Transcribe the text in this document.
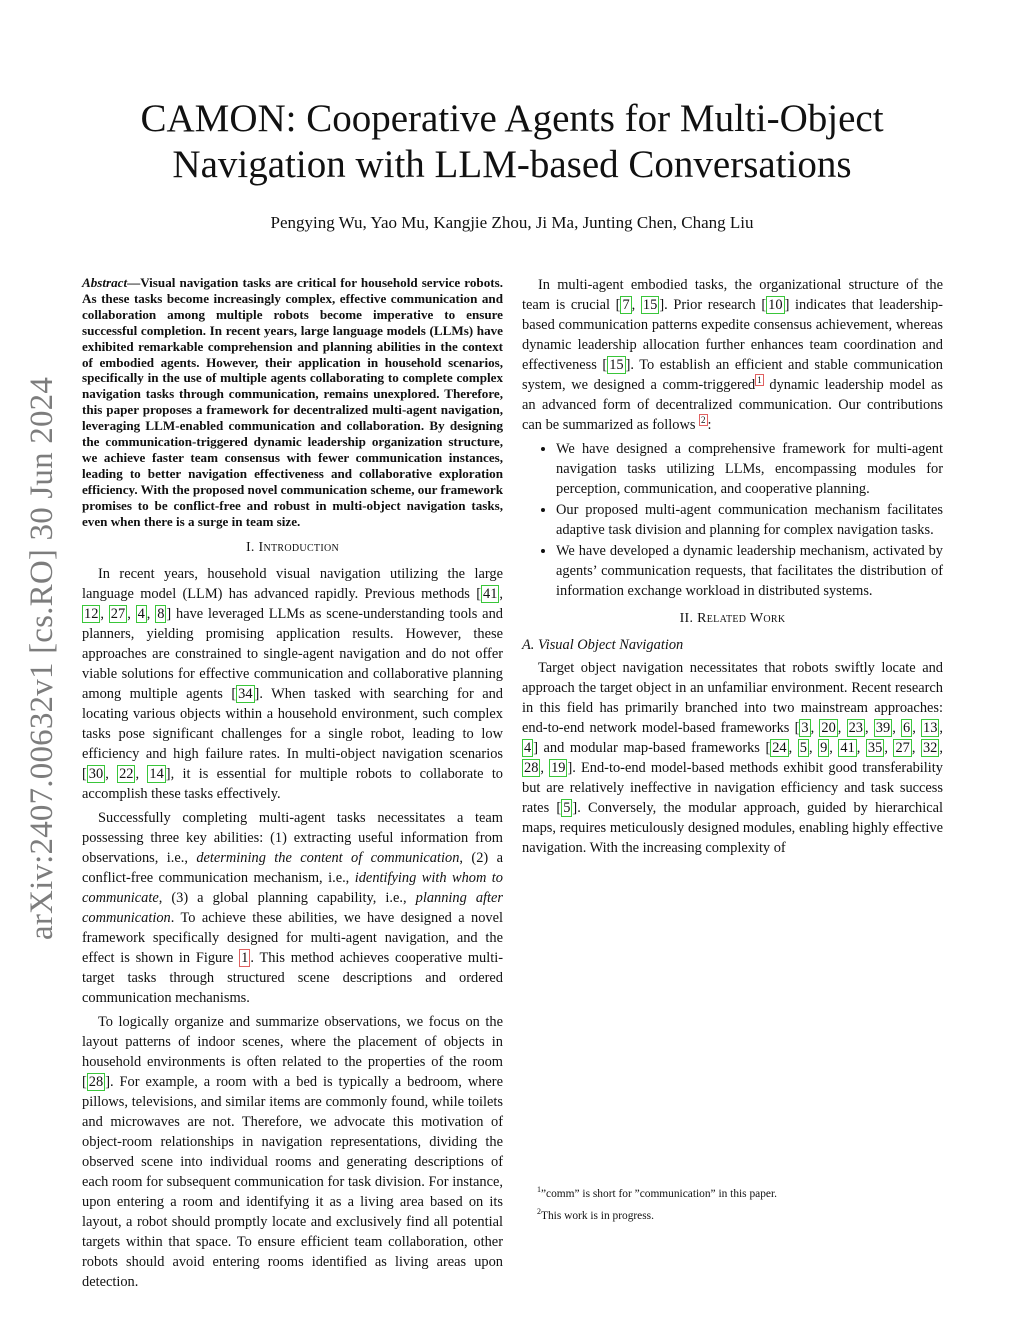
arXiv:2407.00632v1 [cs.RO] 30 Jun 2024
CAMON: Cooperative Agents for Multi-Object Navigation with LLM-based Conversations
Pengying Wu, Yao Mu, Kangjie Zhou, Ji Ma, Junting Chen, Chang Liu

Abstract—Visual navigation tasks are critical for household service robots. As these tasks become increasingly complex, effective communication and collaboration among multiple robots become imperative to ensure successful completion. In recent years, large language models (LLMs) have exhibited remarkable comprehension and planning abilities in the context of embodied agents. However, their application in household scenarios, specifically in the use of multiple agents collaborating to complete complex navigation tasks through communication, remains unexplored. Therefore, this paper proposes a framework for decentralized multi-agent navigation, leveraging LLM-enabled communication and collaboration. By designing the communication-triggered dynamic leadership organization structure, we achieve faster team consensus with fewer communication instances, leading to better navigation effectiveness and collaborative exploration efficiency. With the proposed novel communication scheme, our framework promises to be conflict-free and robust in multi-object navigation tasks, even when there is a surge in team size.

I. Introduction

In recent years, household visual navigation utilizing the large language model (LLM) has advanced rapidly. Previous methods [ 41 , 12 , 27 , 4 , 8 ] have leveraged LLMs as scene-understanding tools and planners, yielding promising application results. However, these approaches are constrained to single-agent navigation and do not offer viable solutions for effective communication and collaborative planning among multiple agents [ 34 ]. When tasked with searching for and locating various objects within a household environment, such complex tasks pose significant challenges for a single robot, leading to low efficiency and high failure rates. In multi-object navigation scenarios [ 30 , 22 , 14 ], it is essential for multiple robots to collaborate to accomplish these tasks effectively.

Successfully completing multi-agent tasks necessitates a team possessing three key abilities: (1) extracting useful information from observations, i.e., determining the content of communication, (2) a conflict-free communication mechanism, i.e., identifying with whom to communicate, (3) a global planning capability, i.e., planning after communication. To achieve these abilities, we have designed a novel framework specifically designed for multi-agent navigation, and the effect is shown in Figure 1 . This method achieves cooperative multi-target tasks through structured scene descriptions and ordered communication mechanisms.

To logically organize and summarize observations, we focus on the layout patterns of indoor scenes, where the placement of objects in household environments is often related to the properties of the room [ 28 ]. For example, a room with a bed is typically a bedroom, where pillows, televisions, and similar items are commonly found, while toilets and microwaves are not. Therefore, we advocate this motivation of object-room relationships in navigation representations, dividing the observed scene into individual rooms and generating descriptions of each room for subsequent communication for task division. For instance, upon entering a room and identifying it as a living area based on its layout, a robot should promptly locate and exclusively find all potential targets within that space. To ensure efficient team collaboration, other robots should avoid entering rooms identified as living areas upon detection.

In multi-agent embodied tasks, the organizational structure of the team is crucial [ 7 , 15 ]. Prior research [ 10 ] indicates that leadership-based communication patterns expedite consensus achievement, whereas dynamic leadership allocation further enhances team coordination and effectiveness [ 15 ]. To establish an efficient and stable communication system, we designed a comm-triggered $^1$ dynamic leadership model as an advanced form of decentralized communication. Our contributions can be summarized as follows $^2$ :

• We have designed a comprehensive framework for multi-agent navigation tasks utilizing LLMs, encompassing modules for perception, communication, and cooperative planning.
• Our proposed multi-agent communication mechanism facilitates adaptive task division and planning for complex navigation tasks.
• We have developed a dynamic leadership mechanism, activated by agents’ communication requests, that facilitates the distribution of information exchange workload in distributed systems.
II. Related Work
A. Visual Object Navigation

Target object navigation necessitates that robots swiftly locate and approach the target object in an unfamiliar environment. Recent research in this field has primarily branched into two mainstream approaches: end-to-end network model-based frameworks [ 3 , 20 , 23 , 39 , 6 , 13 , 4 ] and modular map-based frameworks [ 24 , 5 , 9 , 41 , 35 , 27 , 32 , 28 , 19 ]. End-to-end model-based methods exhibit good transferability but are relatively ineffective in navigation efficiency and task success rates [ 5 ]. Conversely, the modular approach, guided by hierarchical maps, requires meticulously designed modules, enabling highly effective navigation. With the increasing complexity of

$^1$”comm” is short for ”communication” in this paper.
$^2$This work is in progress.
